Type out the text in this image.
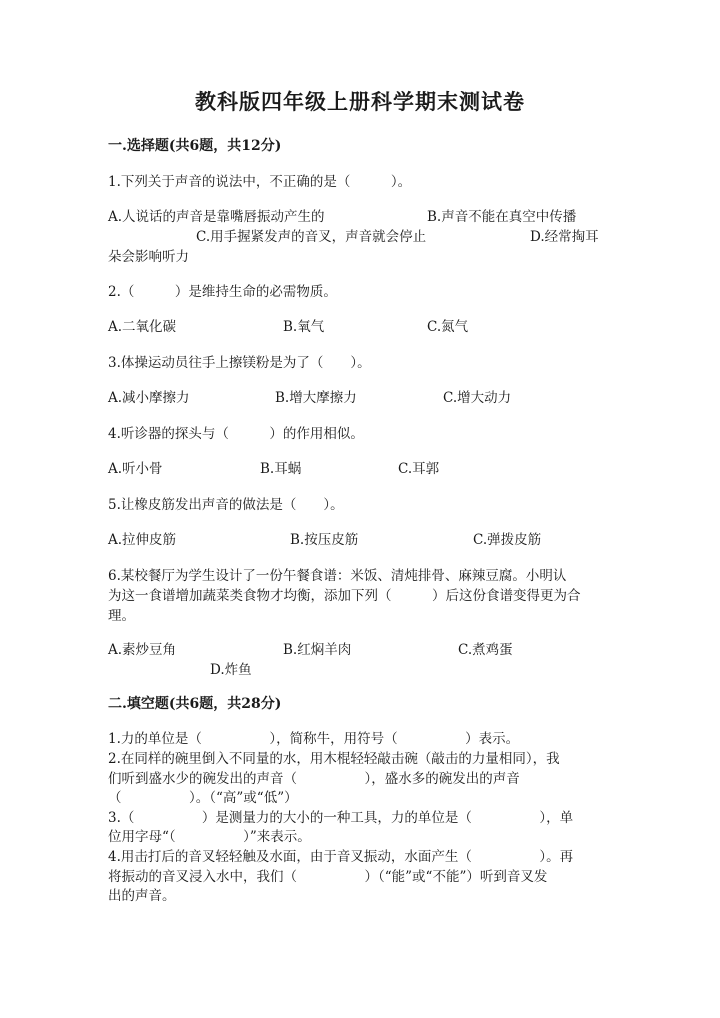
教科版四年级上册科学期末测试卷
一.选择题(共6题，共12分)
1.下列关于声音的说法中，不正确的是（　　　）。
A.人说话的声音是靠嘴唇振动产生的	B.声音不能在真空中传播
C.用手握紧发声的音叉，声音就会停止	D.经常掏耳
朵会影响听力
2.（　　　）是维持生命的必需物质。
A.二氧化碳	B.氧气	C.氮气
3.体操运动员往手上擦镁粉是为了（　　）。
A.减小摩擦力	B.增大摩擦力	C.增大动力
4.听诊器的探头与（　　　）的作用相似。
A.听小骨	B.耳蜗	C.耳郭
5.让橡皮筋发出声音的做法是（　　）。
A.拉伸皮筋	B.按压皮筋	C.弹拨皮筋
6.某校餐厅为学生设计了一份午餐食谱：米饭、清炖排骨、麻辣豆腐。小明认
为这一食谱增加蔬菜类食物才均衡，添加下列（　　　）后这份食谱变得更为合
理。
A.素炒豆角	B.红焖羊肉	C.煮鸡蛋
D.炸鱼
二.填空题(共6题，共28分)
1.力的单位是（　　　　　），简称牛，用符号（　　　　　）表示。
2.在同样的碗里倒入不同量的水，用木棍轻轻敲击碗（敲击的力量相同），我
们听到盛水少的碗发出的声音（　　　　　），盛水多的碗发出的声音
（　　　　　）。（“高”或“低”）
3.（　　　　　）是测量力的大小的一种工具，力的单位是（　　　　　），单
位用字母“（　　　　　）”来表示。
4.用击打后的音叉轻轻触及水面，由于音叉振动，水面产生（　　　　　）。再
将振动的音叉浸入水中，我们（　　　　　）（“能”或“不能”）听到音叉发
出的声音。
